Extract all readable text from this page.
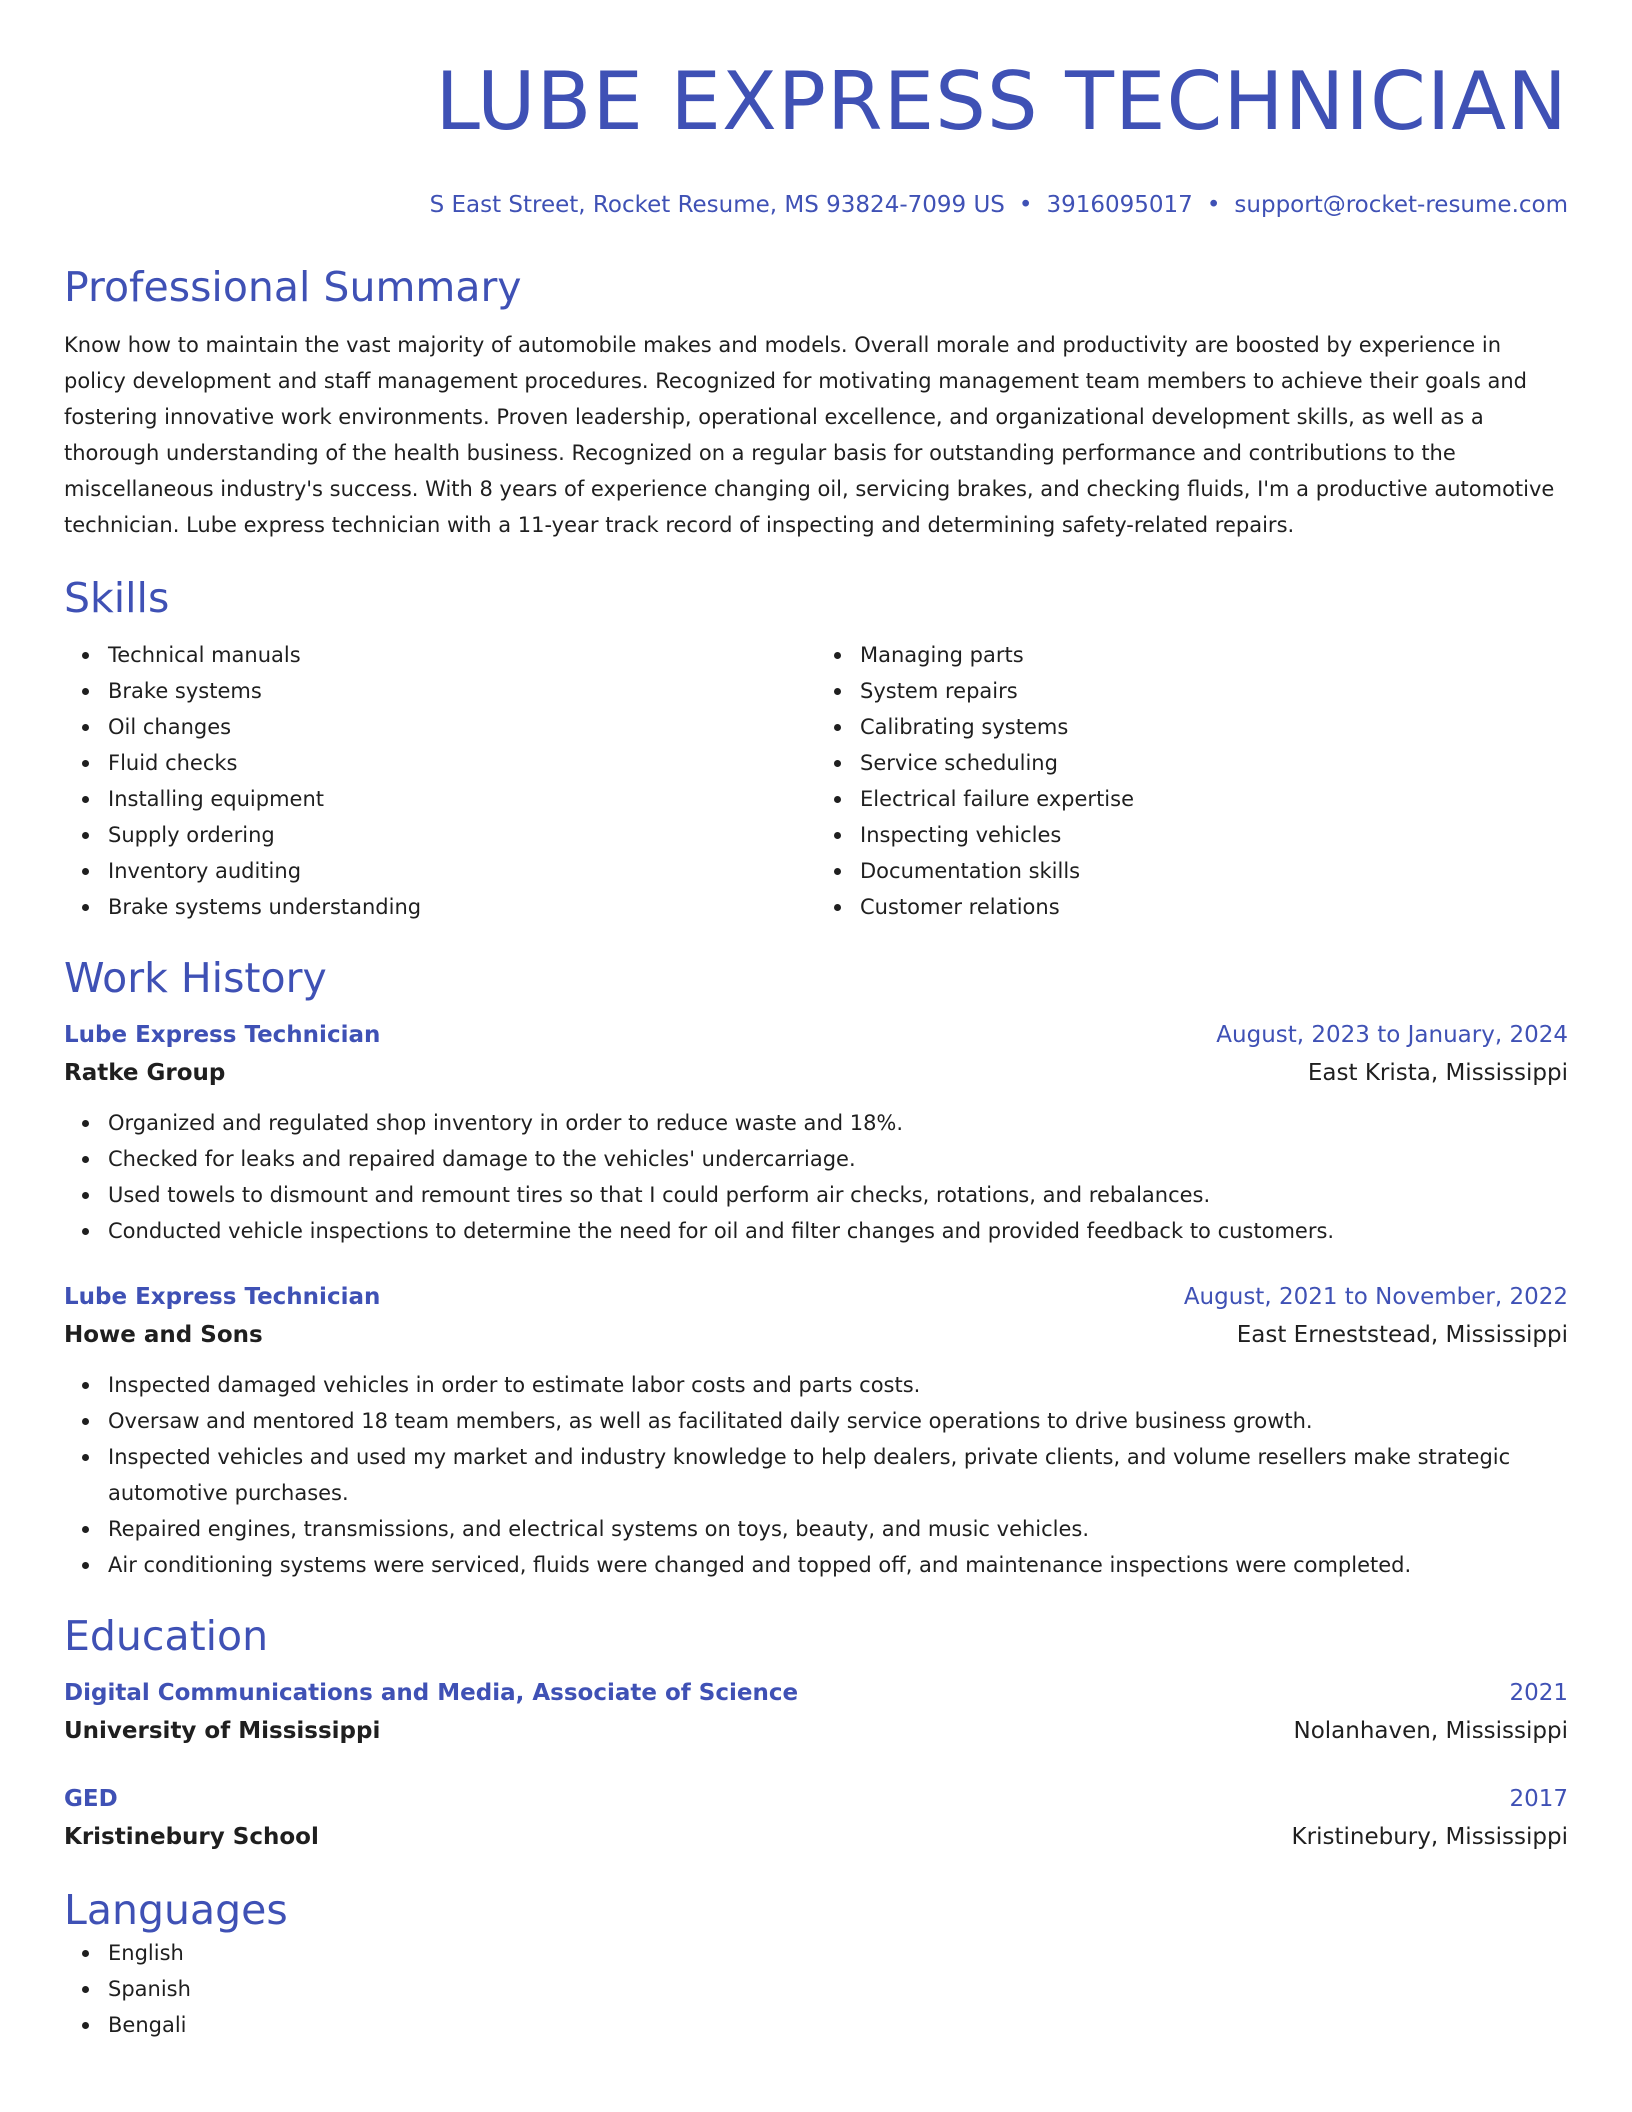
LUBE EXPRESS TECHNICIAN
S East Street, Rocket Resume, MS 93824-7099 US • 3916095017 • support@rocket-resume.com
Professional Summary
Know how to maintain the vast majority of automobile makes and models. Overall morale and productivity are boosted by experience in policy development and staff management procedures. Recognized for motivating management team members to achieve their goals and fostering innovative work environments. Proven leadership, operational excellence, and organizational development skills, as well as a thorough understanding of the health business. Recognized on a regular basis for outstanding performance and contributions to the miscellaneous industry's success. With 8 years of experience changing oil, servicing brakes, and checking fluids, I'm a productive automotive technician. Lube express technician with a 11-year track record of inspecting and determining safety-related repairs.
Skills
Technical manuals
Brake systems
Oil changes
Fluid checks
Installing equipment
Supply ordering
Inventory auditing
Brake systems understanding
Managing parts
System repairs
Calibrating systems
Service scheduling
Electrical failure expertise
Inspecting vehicles
Documentation skills
Customer relations
Work History
Lube Express Technician	August, 2023 to January, 2024
Ratke Group	East Krista, Mississippi
Organized and regulated shop inventory in order to reduce waste and 18%.
Checked for leaks and repaired damage to the vehicles' undercarriage.
Used towels to dismount and remount tires so that I could perform air checks, rotations, and rebalances.
Conducted vehicle inspections to determine the need for oil and filter changes and provided feedback to customers.
Lube Express Technician	August, 2021 to November, 2022
Howe and Sons	East Erneststead, Mississippi
Inspected damaged vehicles in order to estimate labor costs and parts costs.
Oversaw and mentored 18 team members, as well as facilitated daily service operations to drive business growth.
Inspected vehicles and used my market and industry knowledge to help dealers, private clients, and volume resellers make strategic automotive purchases.
Repaired engines, transmissions, and electrical systems on toys, beauty, and music vehicles.
Air conditioning systems were serviced, fluids were changed and topped off, and maintenance inspections were completed.
Education
Digital Communications and Media, Associate of Science	2021
University of Mississippi	Nolanhaven, Mississippi
GED	2017
Kristinebury School	Kristinebury, Mississippi
Languages
English
Spanish
Bengali
